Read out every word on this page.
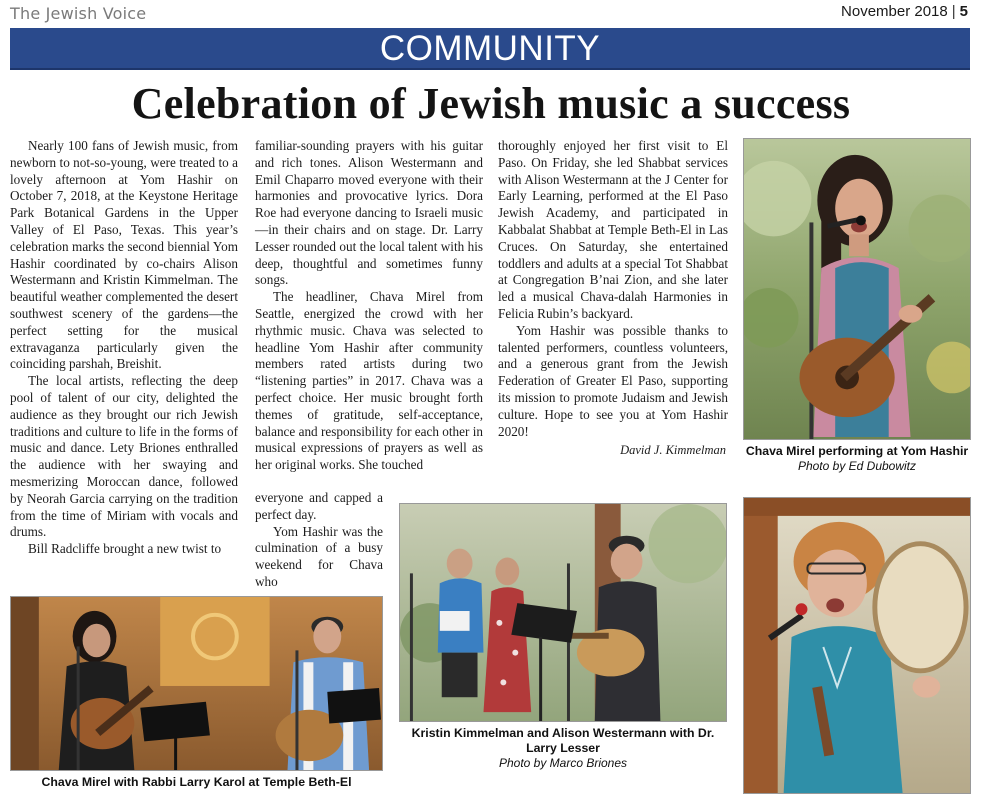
The Jewish Voice	November 2018 | 5
COMMUNITY
Celebration of Jewish music a success

Nearly 100 fans of Jewish music, from newborn to not-so-young, were treated to a lovely afternoon at Yom Hashir on October 7, 2018, at the Keystone Heritage Park Botanical Gardens in the Upper Valley of El Paso, Texas. This year’s celebration marks the second biennial Yom Hashir coordinated by co-chairs Alison Westermann and Kristin Kimmelman. The beautiful weather complemented the desert southwest scenery of the gardens—the perfect setting for the musical extravaganza particularly given the coinciding parshah, Breishit.

The local artists, reflecting the deep pool of talent of our city, delighted the audience as they brought our rich Jewish traditions and culture to life in the forms of music and dance. Lety Briones enthralled the audience with her swaying and mesmerizing Moroccan dance, followed by Neorah Garcia carrying on the tradition from the time of Miriam with vocals and drums.

Bill Radcliffe brought a new twist to

familiar-sounding prayers with his guitar and rich tones. Alison Westermann and Emil Chaparro moved everyone with their harmonies and provocative lyrics. Dora Roe had everyone dancing to Israeli music—in their chairs and on stage. Dr. Larry Lesser rounded out the local talent with his deep, thoughtful and sometimes funny songs.

The headliner, Chava Mirel from Seattle, energized the crowd with her rhythmic music. Chava was selected to headline Yom Hashir after community members rated artists during two “listening parties” in 2017. Chava was a perfect choice. Her music brought forth themes of gratitude, self-acceptance, balance and responsibility for each other in musical expressions of prayers as well as her original works. She touched

everyone and capped a perfect day.

Yom Hashir was the culmination of a busy weekend for Chava who

thoroughly enjoyed her first visit to El Paso. On Friday, she led Shabbat services with Alison Westermann at the J Center for Early Learning, performed at the El Paso Jewish Academy, and participated in Kabbalat Shabbat at Temple Beth-El in Las Cruces. On Saturday, she entertained toddlers and adults at a special Tot Shabbat at Congregation B’nai Zion, and she later led a musical Chava-dalah Harmonies in Felicia Rubin’s backyard.

Yom Hashir was possible thanks to talented performers, countless volunteers, and a generous grant from the Jewish Federation of Greater El Paso, supporting its mission to promote Judaism and Jewish culture. Hope to see you at Yom Hashir 2020!

David J. Kimmelman Chava Mirel performing at Yom Hashir
Photo by Ed Dubowitz
Kristin Kimmelman and Alison Westermann with Dr. Larry Lesser
Photo by Marco Briones
Chava Mirel with Rabbi Larry Karol at Temple Beth-El
